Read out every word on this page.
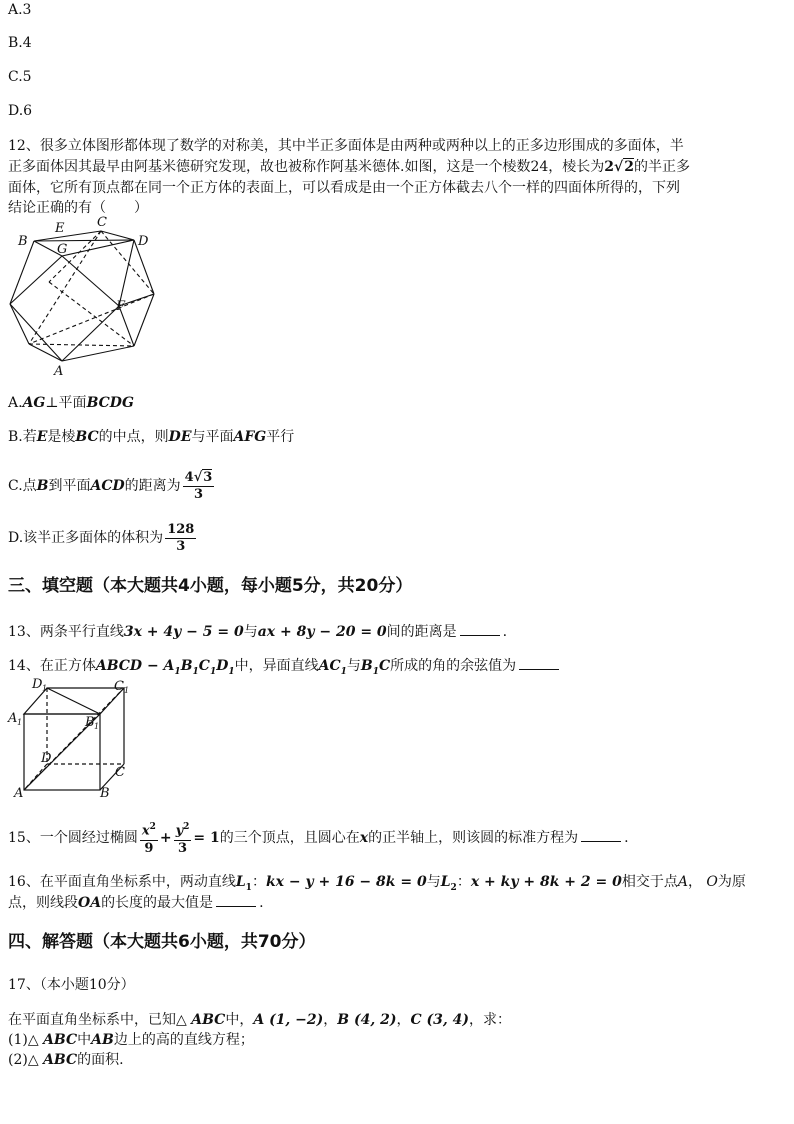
A.3
B.4
C.5
D.6
12、很多立体图形都体现了数学的对称美，其中半正多面体是由两种或两种以上的正多边形围成的多面体，半
正多面体因其最早由阿基米德研究发现，故也被称作阿基米德体.如图，这是一个棱数24，棱长为2√2的半正多
面体，它所有顶点都在同一个正方体的表面上，可以看成是由一个正方体截去八个一样的四面体所得的，下列
结论正确的有（　　）
B
E	C
G
D
F
A
A.AG⊥平面BCDG
B.若E是棱BC的中点，则DE与平面AFG平行
C.点B到平面ACD的距离为 $\frac{4√3}{3}$
D.该半正多面体的体积为 $\frac{128}{3}$
三、填空题（本大题共4小题，每小题5分，共20分）
13、两条平行直线3x + 4y − 5 = 0与ax + 8y − 20 = 0间的距离是	.
14、在正方体ABCD − $A_1B_1C_1D_1$中，异面直线$AC_1$与$B_1C$所成的角的余弦值为
D 1	C 1
A 1	B 1
D
C
A	B
15、一个圆经过椭圆 $\frac{x^2}{9} + \frac{y^2}{3} = 1$的三个顶点，且圆心在x的正半轴上，则该圆的标准方程为	.
16、在平面直角坐标系中，两动直线$L_1$：kx − y + 16 − 8k = 0与$L_2$：x + ky + 8k + 2 = 0相交于点A， O为原
点，则线段OA的长度的最大值是	.
四、解答题（本大题共6小题，共70分）
17、（本小题10分）
在平面直角坐标系中，已知△ ABC中，A (1, −2)，B (4, 2)，C (3, 4)，求：
(1)△ ABC中AB边上的高的直线方程；
(2)△ ABC的面积.
